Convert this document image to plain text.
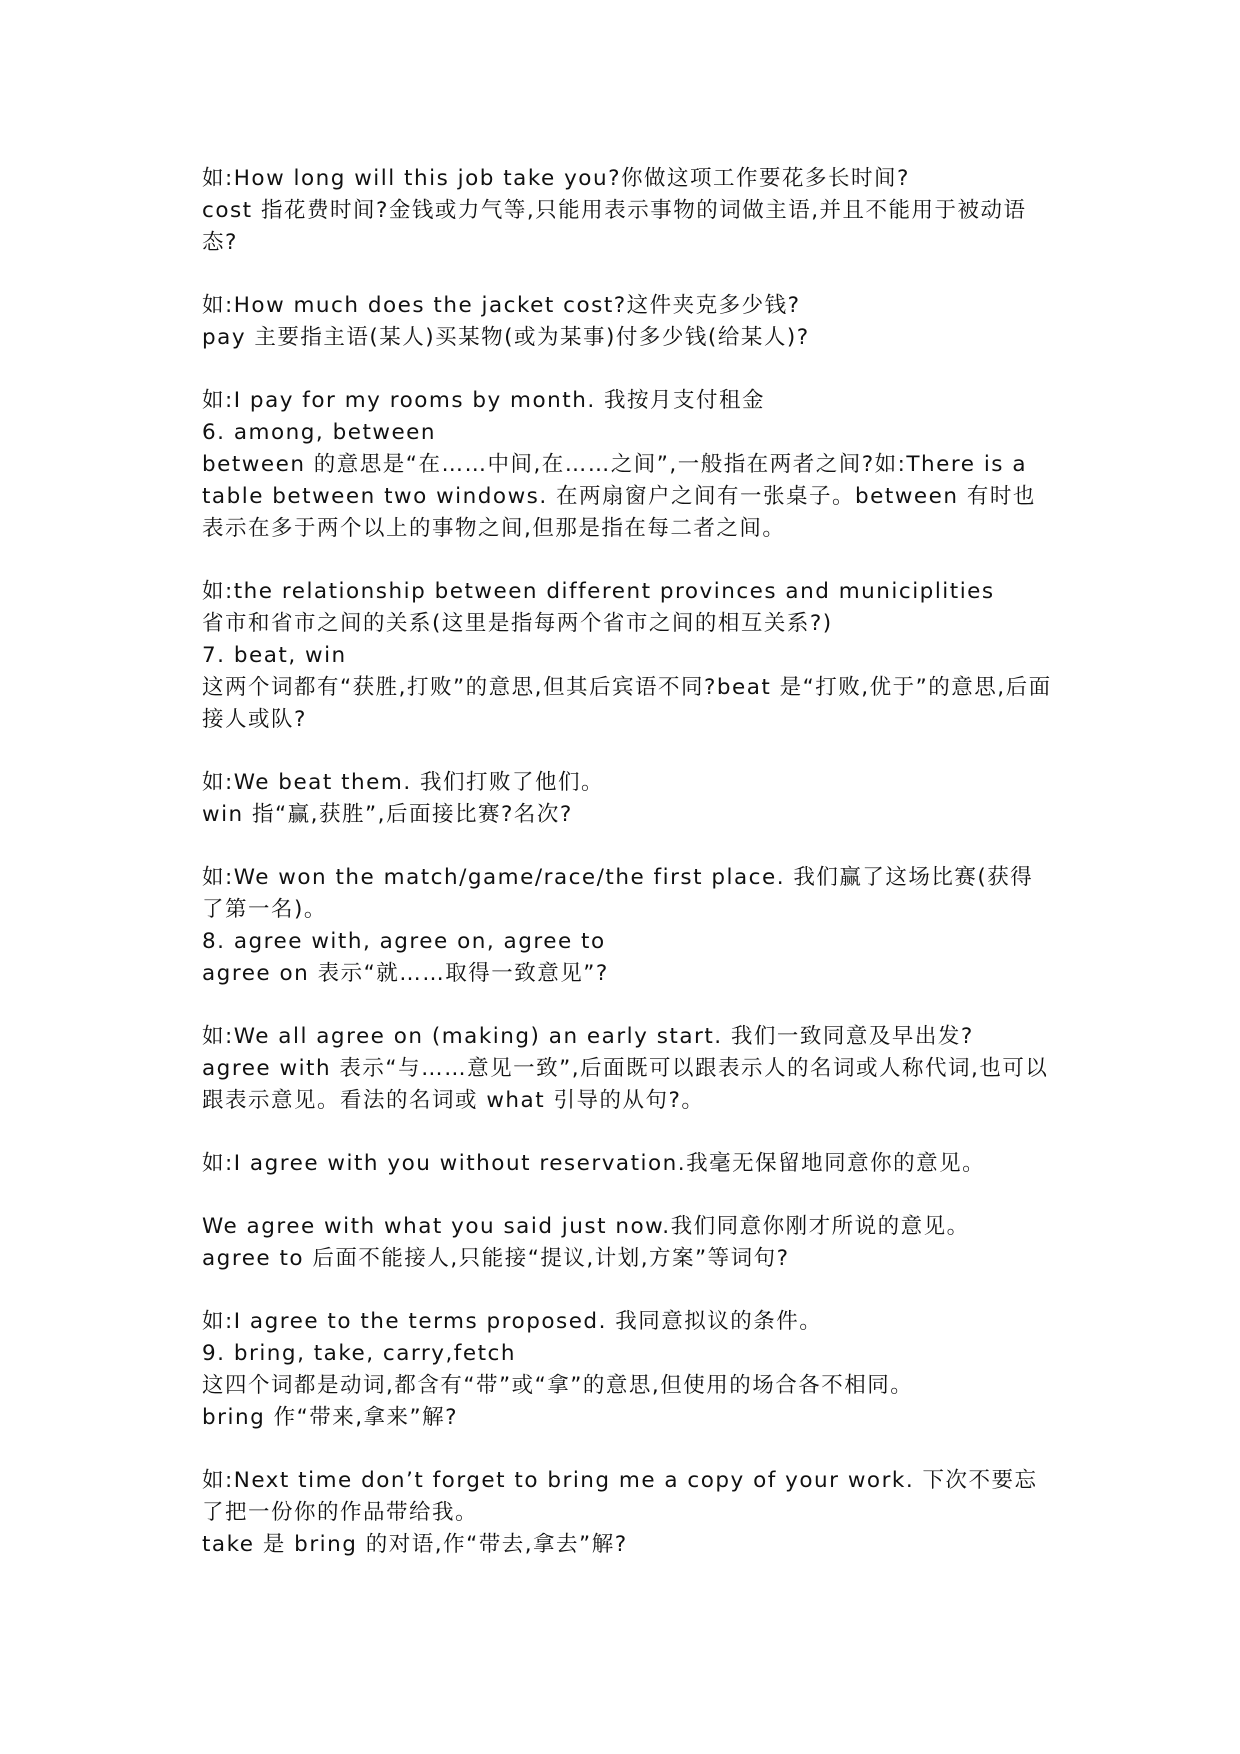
如:How long will this job take you?你做这项工作要花多长时间?

cost 指花费时间?金钱或力气等,只能用表示事物的词做主语,并且不能用于被动语态?

如:How much does the jacket cost?这件夹克多少钱?

pay 主要指主语(某人)买某物(或为某事)付多少钱(给某人)?

如:I pay for my rooms by month. 我按月支付租金

6. among, between

between 的意思是“在……中间,在……之间”,一般指在两者之间?如:There is a table between two windows. 在两扇窗户之间有一张桌子。between 有时也表示在多于两个以上的事物之间,但那是指在每二者之间。

如:the relationship between different provinces and municiplities

省市和省市之间的关系(这里是指每两个省市之间的相互关系?)

7. beat, win

这两个词都有“获胜,打败”的意思,但其后宾语不同?beat 是“打败,优于”的意思,后面接人或队?

如:We beat them. 我们打败了他们。

win 指“赢,获胜”,后面接比赛?名次?

如:We won the match/game/race/the first place. 我们赢了这场比赛(获得了第一名)。

8. agree with, agree on, agree to

agree on 表示“就……取得一致意见”?

如:We all agree on (making) an early start. 我们一致同意及早出发?

agree with 表示“与……意见一致”,后面既可以跟表示人的名词或人称代词,也可以跟表示意见。看法的名词或 what 引导的从句?。

如:I agree with you without reservation.我毫无保留地同意你的意见。

We agree with what you said just now.我们同意你刚才所说的意见。

agree to 后面不能接人,只能接“提议,计划,方案”等词句?

如:I agree to the terms proposed. 我同意拟议的条件。

9. bring, take, carry,fetch

这四个词都是动词,都含有“带”或“拿”的意思,但使用的场合各不相同。

bring 作“带来,拿来”解?

如:Next time don’t forget to bring me a copy of your work. 下次不要忘了把一份你的作品带给我。

take 是 bring 的对语,作“带去,拿去”解?
